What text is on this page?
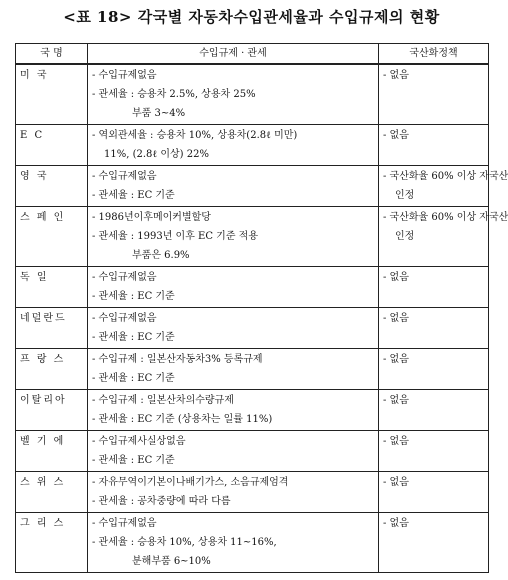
<표 18> 각국별 자동차수입관세율과 수입규제의 현황
국 명	수입규제 · 관세	국산화정책
미 국	- 수입규제없음
- 관세율 : 승용차 2.5%, 상용차 25%
부품 3~4%	- 없음

E C	- 역외관세율 : 승용차 10%, 상용차(2.8ℓ 미만)
11%, (2.8ℓ 이상) 22%	- 없음

영 국	- 수입규제없음
- 관세율 : EC 기준	- 국산화율 60% 이상 자국산
인정

스 페 인	- 1986년이후메이커별할당
- 관세율 : 1993년 이후 EC 기준 적용
부품은 6.9%	- 국산화율 60% 이상 자국산
인정

독 일	- 수입규제없음
- 관세율 : EC 기준	- 없음

네덜란드	- 수입규제없음
- 관세율 : EC 기준	- 없음

프 랑 스	- 수입규제 : 일본산자동차3% 등록규제
- 관세율 : EC 기준	- 없음

이탈리아	- 수입규제 : 일본산차의수량규제
- 관세율 : EC 기준 (상용차는 일률 11%)	- 없음

벨 기 에	- 수입규제사실상없음
- 관세율 : EC 기준	- 없음

스 위 스	- 자유무역이기본이나배기가스, 소음규제엄격
- 관세율 : 공차중량에 따라 다름	- 없음

그 리 스	- 수입규제없음
- 관세율 : 승용차 10%, 상용차 11~16%,
분해부품 6~10%	- 없음
